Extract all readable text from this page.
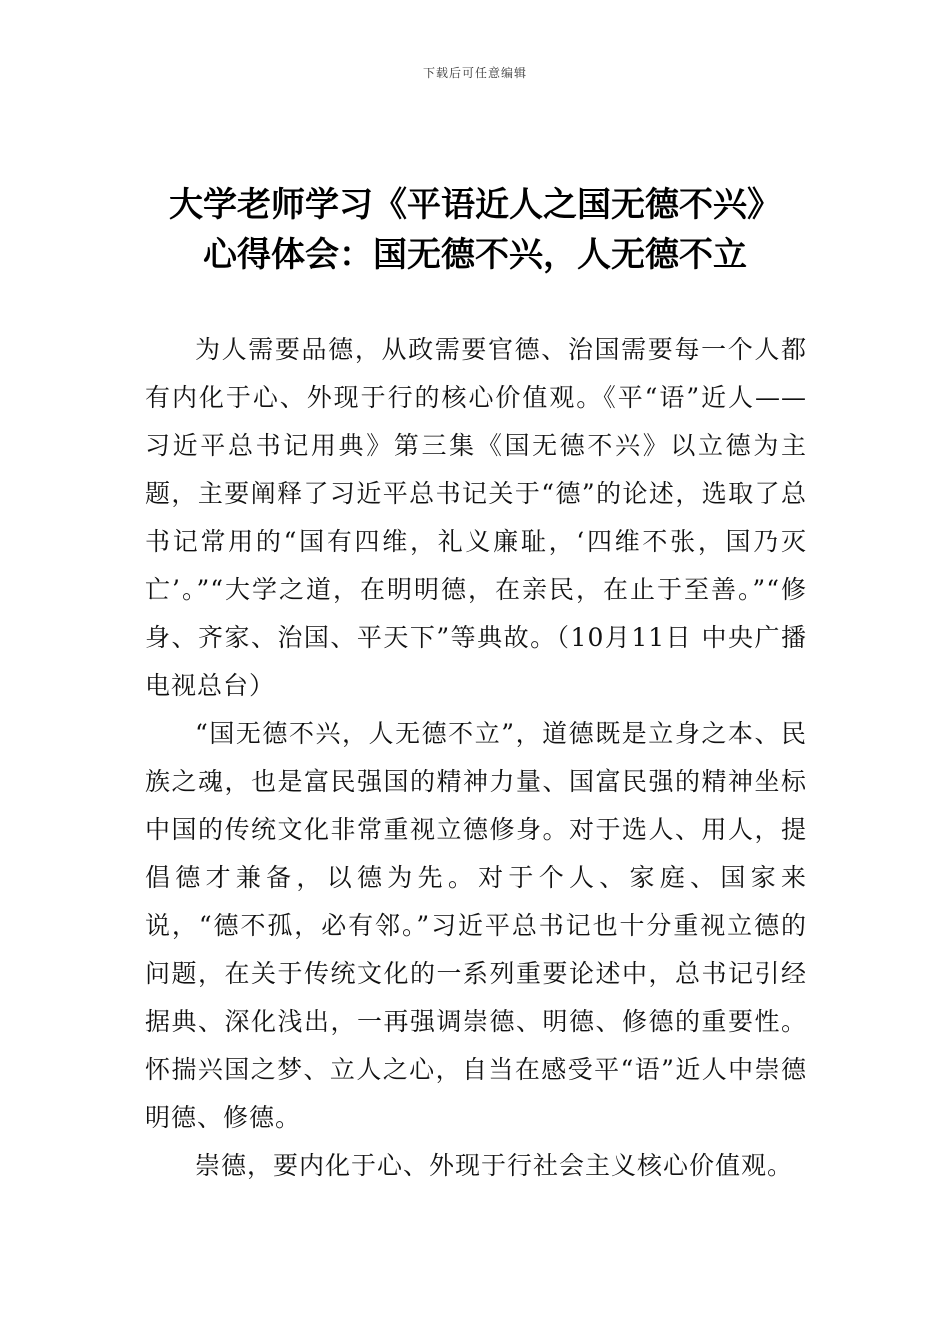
下载后可任意编辑
大学老师学习《平语近人之国无德不兴》
心得体会：国无德不兴，人无德不立

为人需要品德，从政需要官德、治国需要每一个人都有内化于心、外现于行的核心价值观。《平“语”近人——习近平总书记用典》第三集《国无德不兴》以立德为主题，主要阐释了习近平总书记关于“德”的论述，选取了总书记常用的“国有四维，礼义廉耻，‘四维不张，国乃灭亡’。”“大学之道，在明明德，在亲民，在止于至善。”“修身、齐家、治国、平天下”等典故。（10月11日 中央广播电视总台）

“国无德不兴，人无德不立”，道德既是立身之本、民族之魂，也是富民强国的精神力量、国富民强的精神坐标中国的传统文化非常重视立德修身。对于选人、用人，提倡德才兼备，以德为先。对于个人、家庭、国家来说，“德不孤，必有邻。”习近平总书记也十分重视立德的问题，在关于传统文化的一系列重要论述中，总书记引经据典、深化浅出，一再强调崇德、明德、修德的重要性。怀揣兴国之梦、立人之心，自当在感受平“语”近人中崇德明德、修德。

崇德，要内化于心、外现于行社会主义核心价值观。
